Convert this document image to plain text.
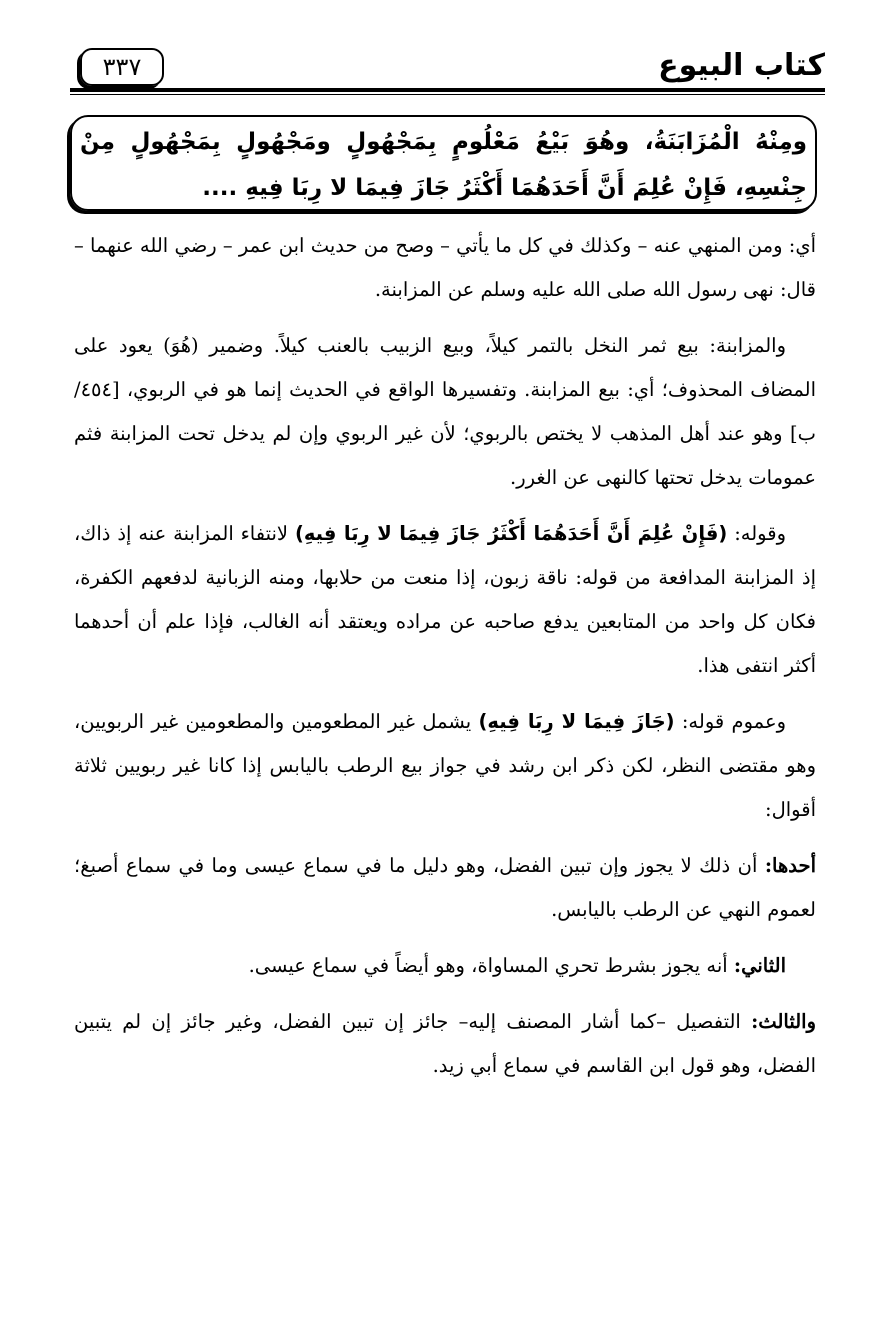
كتاب البيوع
٣٣٧
ومِنْهُ الْمُزَابَنَةُ، وهُوَ بَيْعُ مَعْلُومٍ بِمَجْهُولٍ ومَجْهُولٍ بِمَجْهُولٍ مِنْ جِنْسِهِ، فَإِنْ عُلِمَ أَنَّ أَحَدَهُمَا أَكْثَرُ جَازَ فِيمَا لا رِبَا فِيهِ ....

أي: ومن المنهي عنه – وكذلك في كل ما يأتي – وصح من حديث ابن عمر – رضي الله عنهما – قال: نهى رسول الله صلى الله عليه وسلم عن المزابنة.

والمزابنة: بيع ثمر النخل بالتمر كيلاً، وبيع الزبيب بالعنب كيلاً. وضمير (هُوَ) يعود على المضاف المحذوف؛ أي: بيع المزابنة. وتفسيرها الواقع في الحديث إنما هو في الربوي، [٤٥٤/ب] وهو عند أهل المذهب لا يختص بالربوي؛ لأن غير الربوي وإن لم يدخل تحت المزابنة فثم عمومات يدخل تحتها كالنهى عن الغرر.

وقوله: (فَإِنْ عُلِمَ أَنَّ أَحَدَهُمَا أَكْثَرُ جَازَ فِيمَا لا رِبَا فِيهِ) لانتفاء المزابنة عنه إذ ذاك، إذ المزابنة المدافعة من قوله: ناقة زبون، إذا منعت من حلابها، ومنه الزبانية لدفعهم الكفرة، فكان كل واحد من المتابعين يدفع صاحبه عن مراده ويعتقد أنه الغالب، فإذا علم أن أحدهما أكثر انتفى هذا.

وعموم قوله: (جَازَ فِيمَا لا رِبَا فِيهِ) يشمل غير المطعومين والمطعومين غير الربويين، وهو مقتضى النظر، لكن ذكر ابن رشد في جواز بيع الرطب باليابس إذا كانا غير ربويين ثلاثة أقوال:

أحدها: أن ذلك لا يجوز وإن تبين الفضل، وهو دليل ما في سماع عيسى وما في سماع أصبغ؛ لعموم النهي عن الرطب باليابس.

الثاني: أنه يجوز بشرط تحري المساواة، وهو أيضاً في سماع عيسى.

والثالث: التفصيل –كما أشار المصنف إليه– جائز إن تبين الفضل، وغير جائز إن لم يتبين الفضل، وهو قول ابن القاسم في سماع أبي زيد.
